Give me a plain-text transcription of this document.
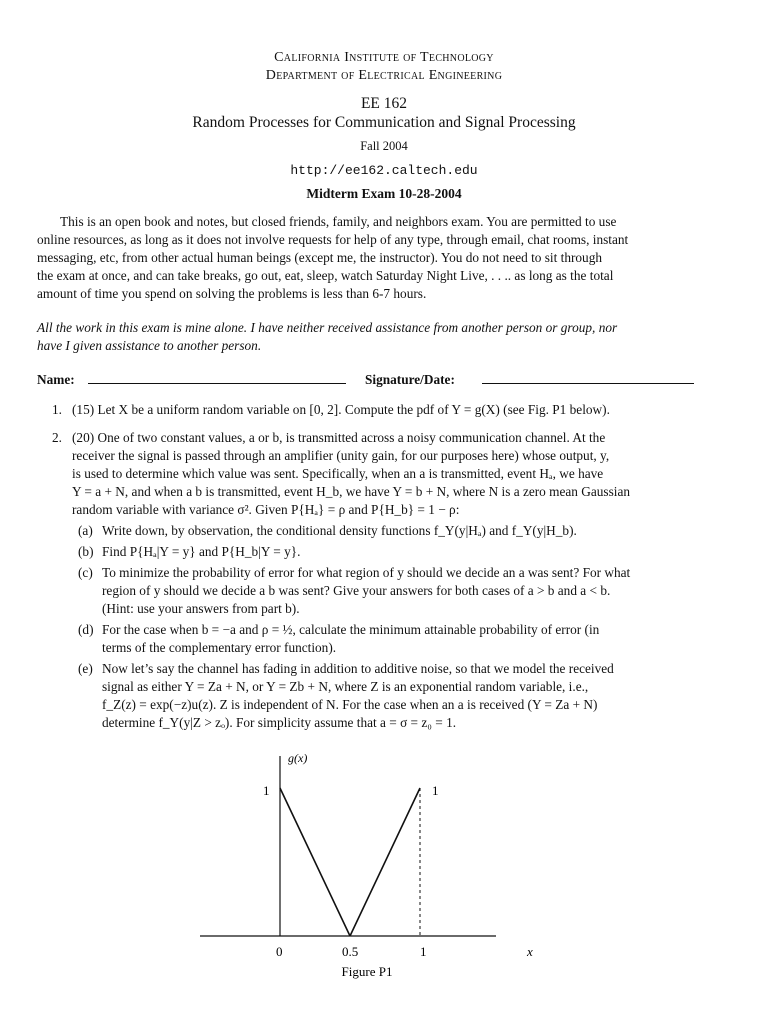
California Institute of Technology
Department of Electrical Engineering
EE 162
Random Processes for Communication and Signal Processing
Fall 2004
http://ee162.caltech.edu
Midterm Exam 10-28-2004
This is an open book and notes, but closed friends, family, and neighbors exam. You are permitted to use
online resources, as long as it does not involve requests for help of any type, through email, chat rooms, instant
messaging, etc, from other actual human beings (except me, the instructor). You do not need to sit through
the exam at once, and can take breaks, go out, eat, sleep, watch Saturday Night Live, . . .. as long as the total
amount of time you spend on solving the problems is less than 6-7 hours.
All the work in this exam is mine alone. I have neither received assistance from another person or group, nor
have I given assistance to another person.
Name:	Signature/Date:
1. (15) Let X be a uniform random variable on [0, 2]. Compute the pdf of Y = g(X) (see Fig. P1 below).
2. (20) One of two constant values, a or b, is transmitted across a noisy communication channel. At the
receiver the signal is passed through an amplifier (unity gain, for our purposes here) whose output, y,
is used to determine which value was sent. Specifically, when an a is transmitted, event Hₐ, we have
Y = a + N, and when a b is transmitted, event H_b, we have Y = b + N, where N is a zero mean Gaussian
random variable with variance σ². Given P{Hₐ} = ρ and P{H_b} = 1 − ρ:
(a) Write down, by observation, the conditional density functions f_Y(y|Hₐ) and f_Y(y|H_b).
(b) Find P{Hₐ|Y = y} and P{H_b|Y = y}.
(c) To minimize the probability of error for what region of y should we decide an a was sent? For what
region of y should we decide a b was sent? Give your answers for both cases of a > b and a < b.
(Hint: use your answers from part b).
(d) For the case when b = −a and ρ = ½, calculate the minimum attainable probability of error (in
terms of the complementary error function).
(e) Now let’s say the channel has fading in addition to additive noise, so that we model the received
signal as either Y = Za + N, or Y = Zb + N, where Z is an exponential random variable, i.e.,
f_Z(z) = exp(−z)u(z). Z is independent of N. For the case when an a is received (Y = Za + N)
determine f_Y(y|Z > zₒ). For simplicity assume that a = σ = z₀ = 1.
g(x)
x
1	1
0	0.5	1
Figure P1
